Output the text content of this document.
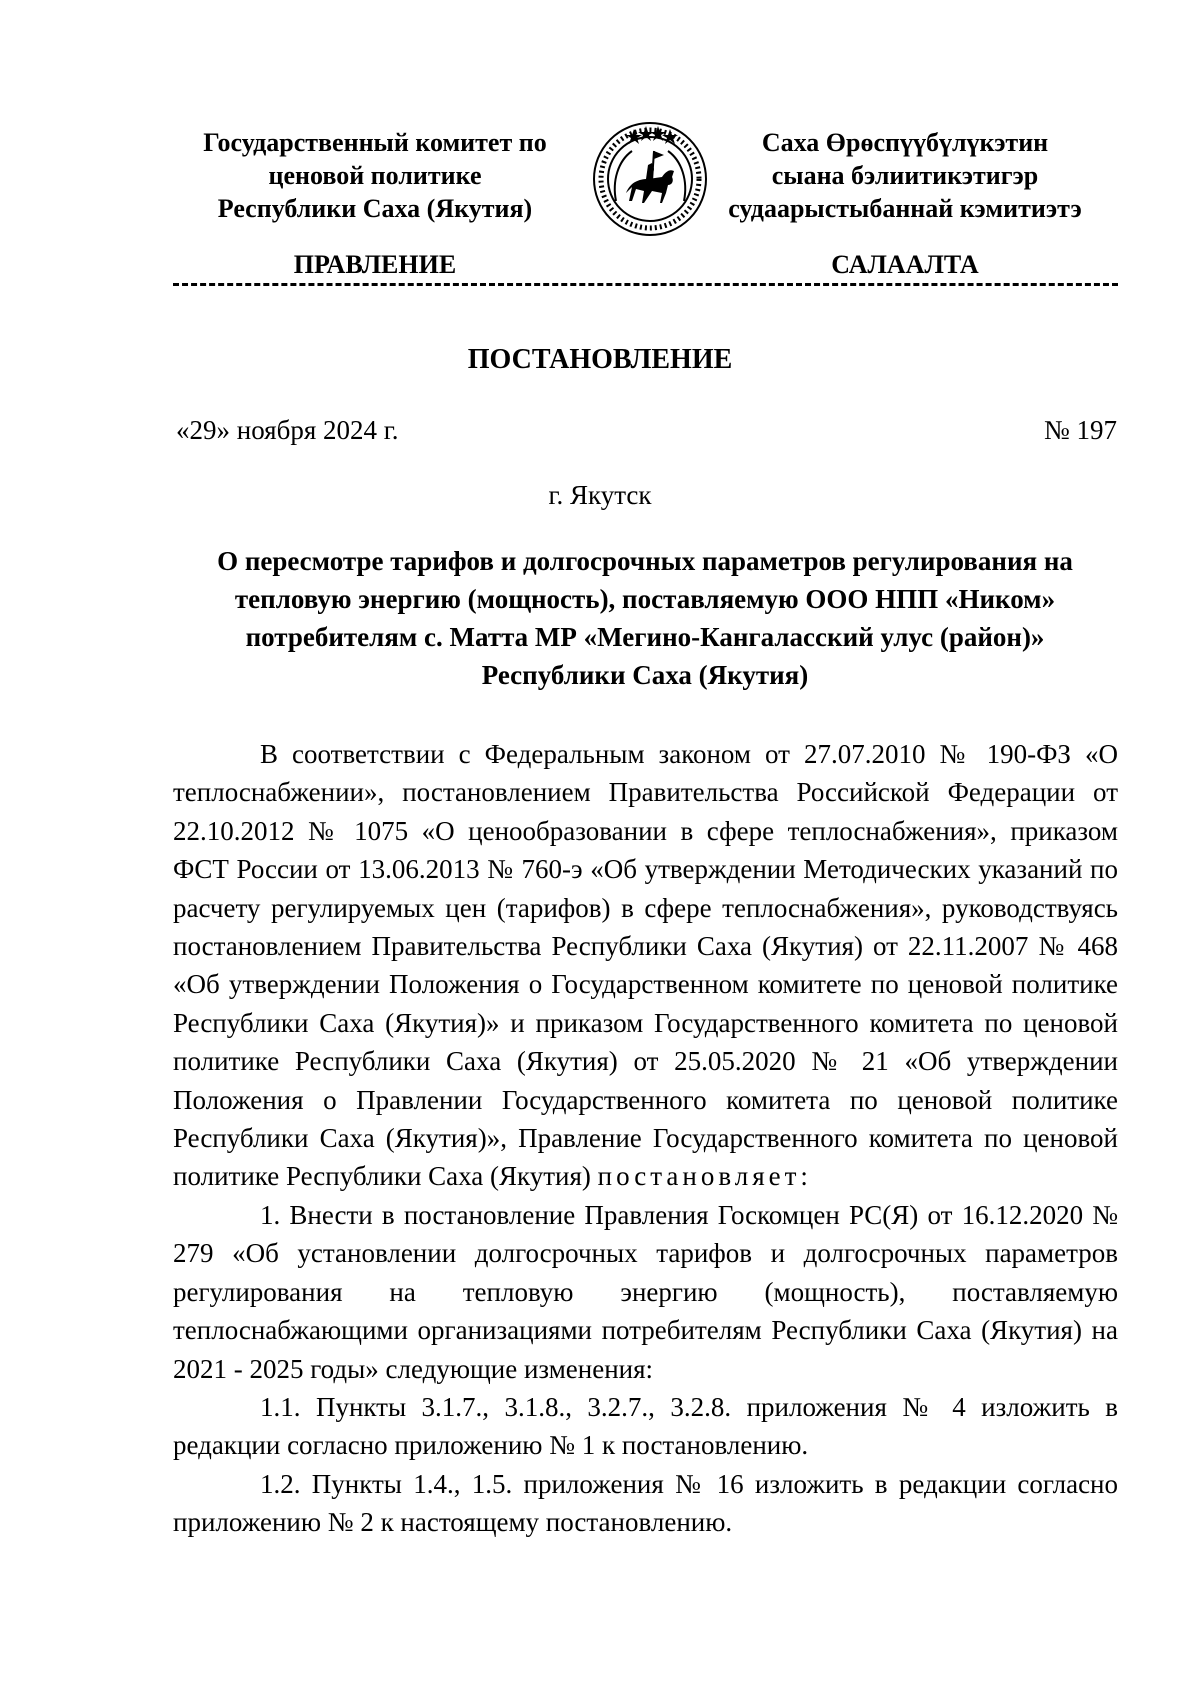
Государственный комитет по
ценовой политике
Республики Саха (Якутия)
Саха Өрөспүүбүлүкэтин
сыана бэлиитикэтигэр
судаарыстыбаннай кэмитиэтэ
ПРАВЛЕНИЕ	САЛААЛТА
ПОСТАНОВЛЕНИЕ
«29» ноября 2024 г.	№ 197
г. Якутск
О пересмотре тарифов и долгосрочных параметров регулирования на
тепловую энергию (мощность), поставляемую ООО НПП «Ником»
потребителям с. Матта МР «Мегино-Кангаласский улус (район)»
Республики Саха (Якутия)

В соответствии с Федеральным законом от 27.07.2010 № 190-ФЗ «О теплоснабжении», постановлением Правительства Российской Федерации от 22.10.2012 № 1075 «О ценообразовании в сфере теплоснабжения», приказом ФСТ России от 13.06.2013 № 760-э «Об утверждении Методических указаний по расчету регулируемых цен (тарифов) в сфере теплоснабжения», руководствуясь постановлением Правительства Республики Саха (Якутия) от 22.11.2007 № 468 «Об утверждении Положения о Государственном комитете по ценовой политике Республики Саха (Якутия)» и приказом Государственного комитета по ценовой политике Республики Саха (Якутия) от 25.05.2020 № 21 «Об утверждении Положения о Правлении Государственного комитета по ценовой политике Республики Саха (Якутия)», Правление Государственного комитета по ценовой политике Республики Саха (Якутия) постановляет:

1. Внести в постановление Правления Госкомцен РС(Я) от 16.12.2020 № 279 «Об установлении долгосрочных тарифов и долгосрочных параметров регулирования на тепловую энергию (мощность), поставляемую теплоснабжающими организациями потребителям Республики Саха (Якутия) на 2021 - 2025 годы» следующие изменения:

1.1. Пункты 3.1.7., 3.1.8., 3.2.7., 3.2.8. приложения № 4 изложить в редакции согласно приложению № 1 к постановлению.

1.2. Пункты 1.4., 1.5. приложения № 16 изложить в редакции согласно приложению № 2 к настоящему постановлению.
